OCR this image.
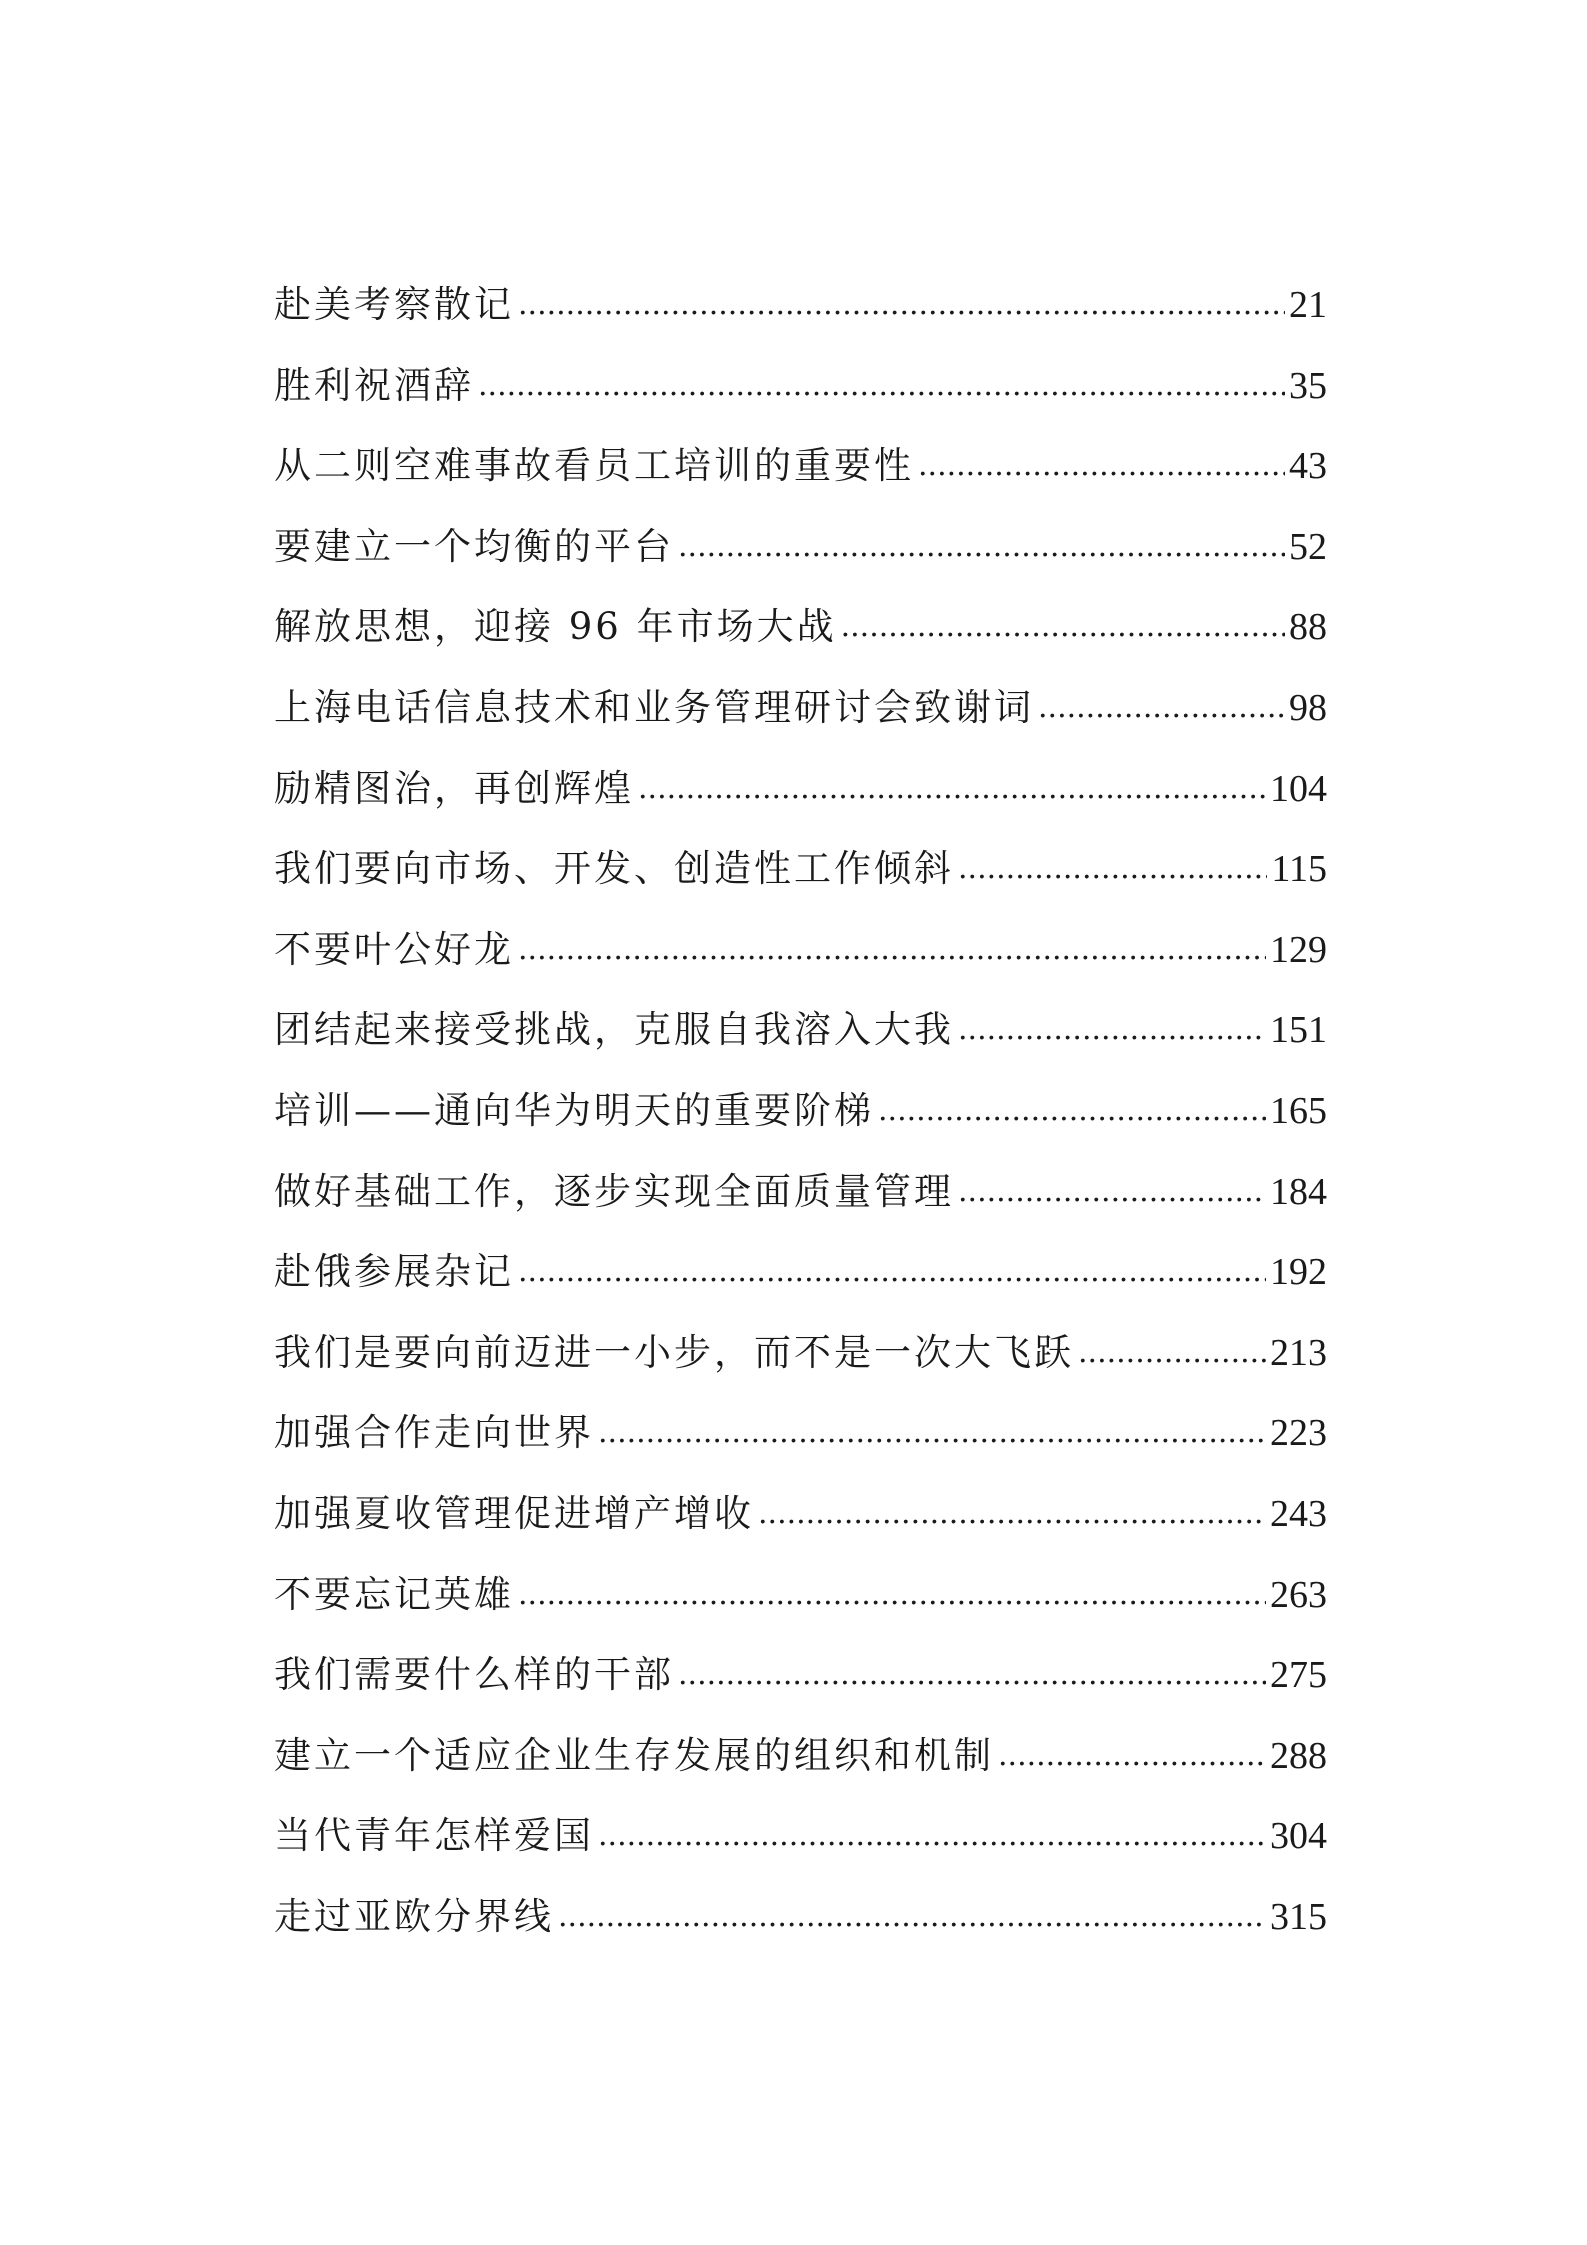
赴美考察散记 .....	21
胜利祝酒辞 .....	35
从二则空难事故看员工培训的重要性 .....	43
要建立一个均衡的平台 .....	52
解放思想，迎接 96 年市场大战 .....	88
上海电话信息技术和业务管理研讨会致谢词 .....	98
励精图治，再创辉煌 .....	104
我们要向市场、开发、创造性工作倾斜 .....	115
不要叶公好龙 .....	129
团结起来接受挑战，克服自我溶入大我 .....	151
培训——通向华为明天的重要阶梯 .....	165
做好基础工作，逐步实现全面质量管理 .....	184
赴俄参展杂记 .....	192
我们是要向前迈进一小步，而不是一次大飞跃 .....	213
加强合作走向世界 .....	223
加强夏收管理促进增产增收 .....	243
不要忘记英雄 .....	263
我们需要什么样的干部 .....	275
建立一个适应企业生存发展的组织和机制 .....	288
当代青年怎样爱国 .....	304
走过亚欧分界线 .....	315
